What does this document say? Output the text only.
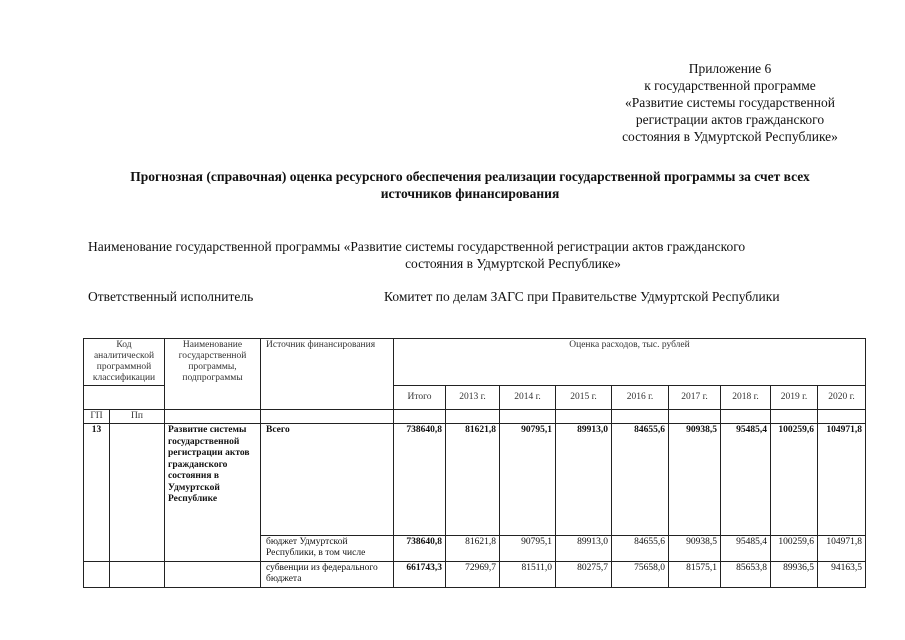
Приложение 6
к государственной программе
«Развитие системы государственной
регистрации актов гражданского
состояния в Удмуртской Республике»
Прогнозная (справочная) оценка ресурсного обеспечения реализации государственной программы за счет всех
источников финансирования
Наименование государственной программы «Развитие системы государственной регистрации актов гражданского
состояния в Удмуртской Республике»
Ответственный исполнитель	Комитет по делам ЗАГС при Правительстве Удмуртской Республики
Код аналитической программной классификации		Наименование государственной программы, подпрограммы	Источник финансирования	Оценка расходов, тыс. рублей								
				Итого	2013 г.	2014 г.	2015 г.	2016 г.	2017 г.	2018 г.	2019 г.	2020 г.
ГП	Пп											
13		Развитие системы государственной регистрации актов гражданского состояния в Удмуртской Республике	Всего	738640,8	81621,8	90795,1	89913,0	84655,6	90938,5	95485,4	100259,6	104971,8
			бюджет Удмуртской Республики, в том числе	738640,8	81621,8	90795,1	89913,0	84655,6	90938,5	95485,4	100259,6	104971,8
			субвенции из федерального бюджета	661743,3	72969,7	81511,0	80275,7	75658,0	81575,1	85653,8	89936,5	94163,5
